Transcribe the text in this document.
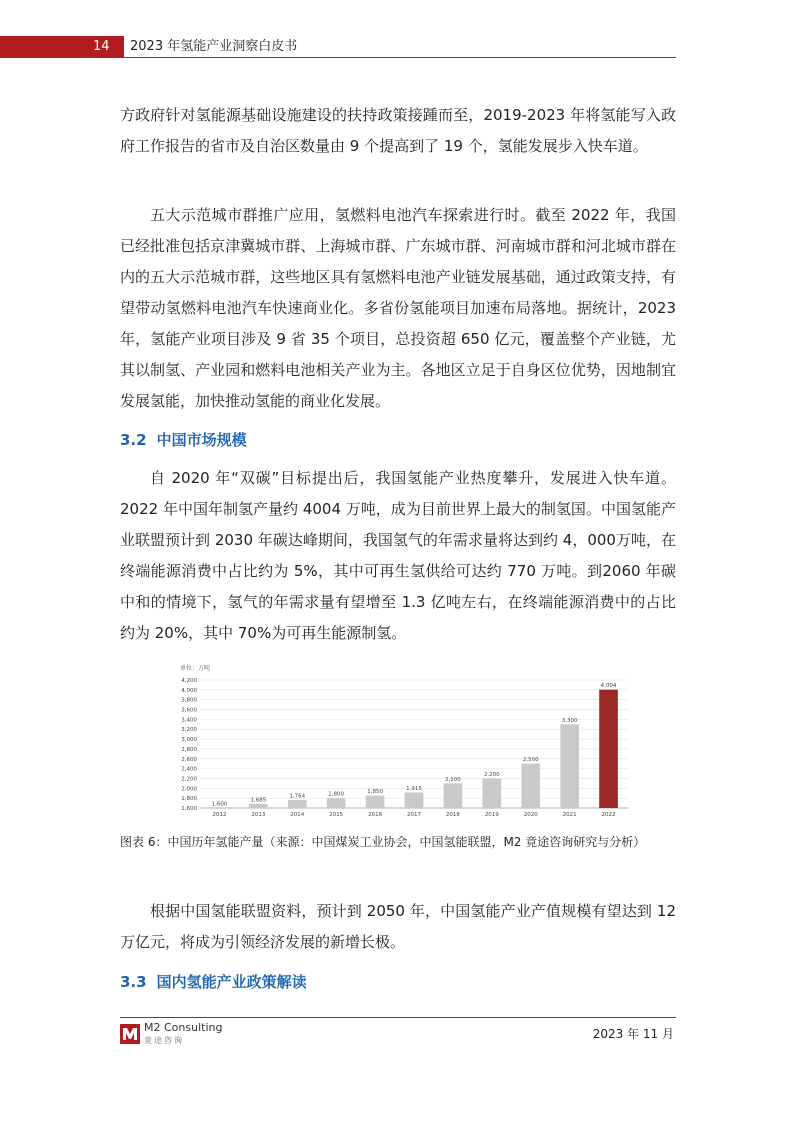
14 2023 年氢能产业洞察白皮书

方政府针对氢能源基础设施建设的扶持政策接踵而至，2019-2023 年将氢能写入政府工作报告的省市及自治区数量由 9 个提高到了 19 个，氢能发展步入快车道。

五大示范城市群推广应用，氢燃料电池汽车探索进行时。截至 2022 年，我国已经批准包括京津冀城市群、上海城市群、广东城市群、河南城市群和河北城市群在内的五大示范城市群，这些地区具有氢燃料电池产业链发展基础，通过政策支持，有望带动氢燃料电池汽车快速商业化。多省份氢能项目加速布局落地。据统计，2023 年，氢能产业项目涉及 9 省 35 个项目，总投资超 650 亿元，覆盖整个产业链，尤其以制氢、产业园和燃料电池相关产业为主。各地区立足于自身区位优势，因地制宜发展氢能，加快推动氢能的商业化发展。

3.2 中国市场规模

自 2020 年“双碳”目标提出后，我国氢能产业热度攀升，发展进入快车道。2022 年中国年制氢产量约 4004 万吨，成为目前世界上最大的制氢国。中国氢能产业联盟预计到 2030 年碳达峰期间，我国氢气的年需求量将达到约 4，000万吨，在终端能源消费中占比约为 5%，其中可再生氢供给可达约 770 万吨。到2060 年碳中和的情境下，氢气的年需求量有望增至 1.3 亿吨左右，在终端能源消费中的占比约为 20%，其中 70%为可再生能源制氢。

单位：万吨
1,600
1,800
2,000
2,200
2,400
2,600
2,800
3,000
3,200
3,400
3,600
3,800
4,000
4,200
1,600
1,685
1,764	1,800	1,850
1,915
2,100
2,200
2,500
3,300
4,004
2012	2013	2014	2015	2016	2017	2018	2019	2020	2021	2022

图表 6：中国历年氢能产量（来源：中国煤炭工业协会，中国氢能联盟，M2 竟途咨询研究与分析）

根据中国氢能联盟资料，预计到 2050 年，中国氢能产业产值规模有望达到 12 万亿元，将成为引领经济发展的新增长极。

3.3 国内氢能产业政策解读
M2 Consulting
竟途咨询	2023 年 11 月
